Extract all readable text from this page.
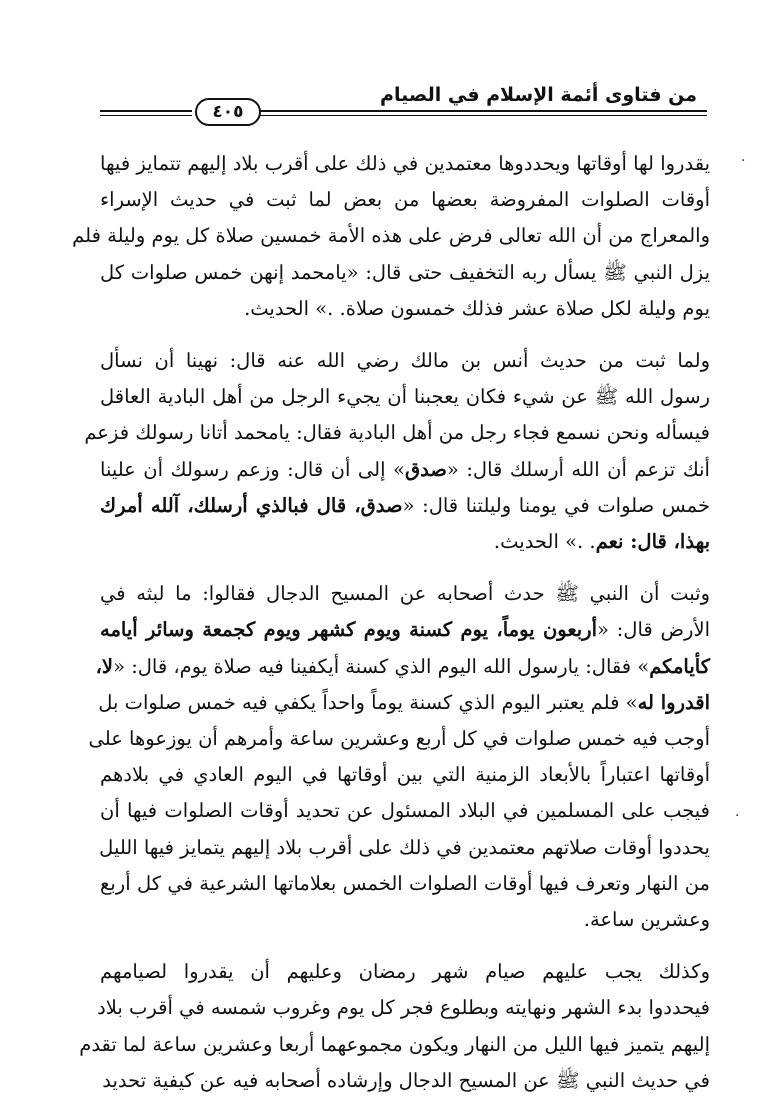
من فتاوى أئمة الإسلام في الصيام
٤٠٥
·
·
يقدروا لها أوقاتها ويحددوها معتمدين في ذلك على أقرب بلاد إليهم تتمايز فيها
أوقات الصلوات المفروضة بعضها من بعض لما ثبت في حديث الإسراء
والمعراج من أن الله تعالى فرض على هذه الأمة خمسين صلاة كل يوم وليلة فلم
يزل النبي ﷺ يسأل ربه التخفيف حتى قال: «يامحمد إنهن خمس صلوات كل
يوم وليلة لكل صلاة عشر فذلك خمسون صلاة. .» الحديث.
ولما ثبت من حديث أنس بن مالك رضي الله عنه قال: نهينا أن نسأل
رسول الله ﷺ عن شيء فكان يعجبنا أن يجيء الرجل من أهل البادية العاقل
فيسأله ونحن نسمع فجاء رجل من أهل البادية فقال: يامحمد أتانا رسولك فزعم
أنك تزعم أن الله أرسلك قال: «صدق» إلى أن قال: وزعم رسولك أن علينا
خمس صلوات في يومنا وليلتنا قال: «صدق، قال فبالذي أرسلك، آلله أمرك
بهذا، قال: نعم. .» الحديث.
وثبت أن النبي ﷺ حدث أصحابه عن المسيح الدجال فقالوا: ما لبثه في
الأرض قال: «أربعون يوماً، يوم كسنة ويوم كشهر ويوم كجمعة وسائر أيامه
كأيامكم» فقال: يارسول الله اليوم الذي كسنة أيكفينا فيه صلاة يوم، قال: «لا،
اقدروا له» فلم يعتبر اليوم الذي كسنة يوماً واحداً يكفي فيه خمس صلوات بل
أوجب فيه خمس صلوات في كل أربع وعشرين ساعة وأمرهم أن يوزعوها على
أوقاتها اعتباراً بالأبعاد الزمنية التي بين أوقاتها في اليوم العادي في بلادهم
فيجب على المسلمين في البلاد المسئول عن تحديد أوقات الصلوات فيها أن
يحددوا أوقات صلاتهم معتمدين في ذلك على أقرب بلاد إليهم يتمايز فيها الليل
من النهار وتعرف فيها أوقات الصلوات الخمس بعلاماتها الشرعية في كل أربع
وعشرين ساعة.
وكذلك يجب عليهم صيام شهر رمضان وعليهم أن يقدروا لصيامهم
فيحددوا بدء الشهر ونهايته وبطلوع فجر كل يوم وغروب شمسه في أقرب بلاد
إليهم يتميز فيها الليل من النهار ويكون مجموعهما أربعا وعشرين ساعة لما تقدم
في حديث النبي ﷺ عن المسيح الدجال وإرشاده أصحابه فيه عن كيفية تحديد
